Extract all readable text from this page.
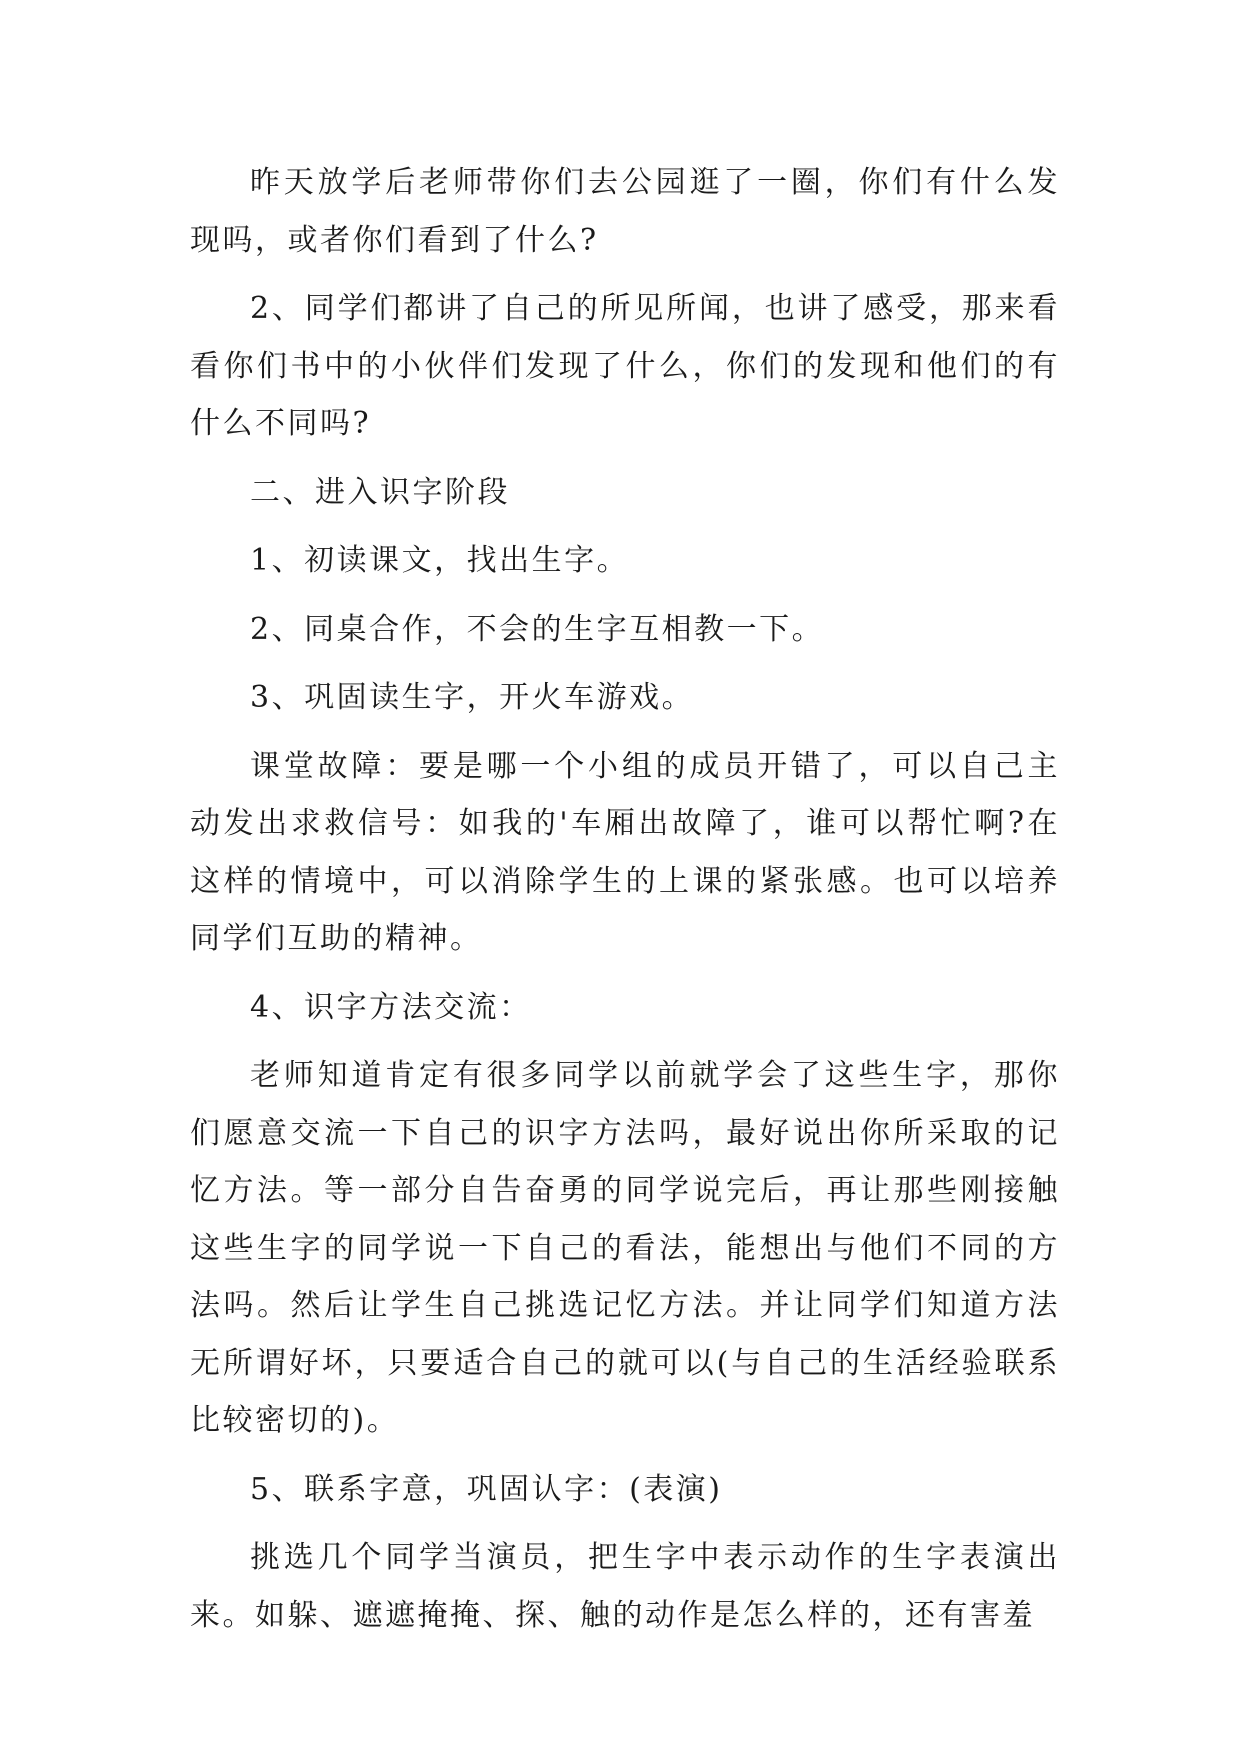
昨天放学后老师带你们去公园逛了一圈，你们有什么发现吗，或者你们看到了什么?

2、同学们都讲了自己的所见所闻，也讲了感受，那来看看你们书中的小伙伴们发现了什么，你们的发现和他们的有什么不同吗?

二、进入识字阶段

1、初读课文，找出生字。

2、同桌合作，不会的生字互相教一下。

3、巩固读生字，开火车游戏。

课堂故障：要是哪一个小组的成员开错了，可以自己主动发出求救信号：如我的'车厢出故障了，谁可以帮忙啊?在这样的情境中，可以消除学生的上课的紧张感。也可以培养同学们互助的精神。

4、识字方法交流：

老师知道肯定有很多同学以前就学会了这些生字，那你们愿意交流一下自己的识字方法吗，最好说出你所采取的记忆方法。等一部分自告奋勇的同学说完后，再让那些刚接触这些生字的同学说一下自己的看法，能想出与他们不同的方法吗。然后让学生自己挑选记忆方法。并让同学们知道方法无所谓好坏，只要适合自己的就可以(与自己的生活经验联系比较密切的)。

5、联系字意，巩固认字：(表演)

挑选几个同学当演员，把生字中表示动作的生字表演出来。如躲、遮遮掩掩、探、触的动作是怎么样的，还有害羞
